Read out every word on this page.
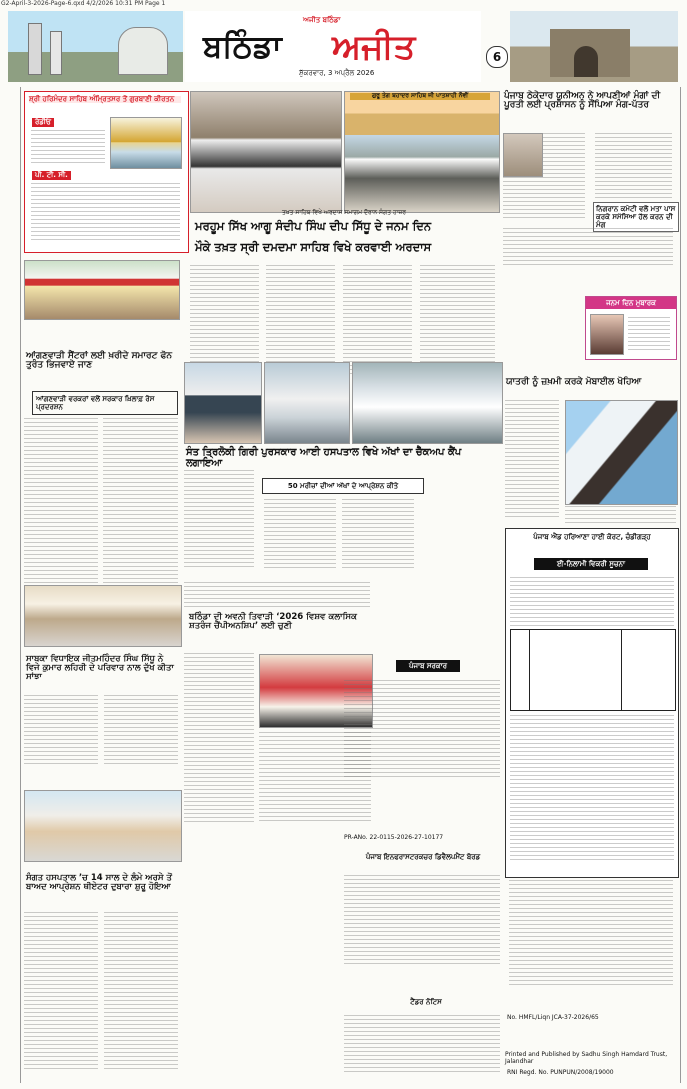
G2-April-3-2026-Page-6.qxd 4/2/2026 10:31 PM Page 1
ਅਜੀਤ ਬਠਿੰਡਾ
ਬਠਿੰਡਾ ਅਜੀਤ
ਸ਼ੁੱਕਰਵਾਰ, 3 ਅਪ੍ਰੈਲ 2026
6
ਸ਼੍ਰੀ ਹਰਿਮੰਦਰ ਸਾਹਿਬ ਅੰਮ੍ਰਿਤਸਰ ਤੋਂ ਗੁਰਬਾਣੀ ਕੀਰਤਨ
ਰੇਡੀਓ
ਪੀ. ਟੀ. ਸੀ.
ਗੁਰੂ ਤੇਗ ਬਹਾਦਰ ਸਾਹਿਬ ਜੀ ਪਾਤਸ਼ਾਹੀ ਨੌਵੀਂ
ਤਖ਼ਤ ਸਾਹਿਬ ਵਿਖੇ ਅਰਦਾਸ ਸਮਾਗਮ ਦੌਰਾਨ ਸੰਗਤ ਹਾਜ਼ਰ
ਮਰਹੂਮ ਸਿੱਖ ਆਗੂ ਸੰਦੀਪ ਸਿੰਘ ਦੀਪ ਸਿੱਧੂ ਦੇ ਜਨਮ ਦਿਨ
ਮੌਕੇ ਤਖ਼ਤ ਸ੍ਰੀ ਦਮਦਮਾ ਸਾਹਿਬ ਵਿਖੇ ਕਰਵਾਈ ਅਰਦਾਸ
ਪੰਜਾਬ ਠੇਕੇਦਾਰ ਯੂਨੀਅਨ ਨੇ ਆਪਣੀਆਂ ਮੰਗਾਂ ਦੀ ਪੂਰਤੀ ਲਈ ਪ੍ਰਸ਼ਾਸਨ ਨੂੰ ਸੌਂਪਿਆ ਮੰਗ-ਪੱਤਰ
ਨਿਗਰਾਨ ਕਮੇਟੀ ਵਲੋਂ ਮਤਾ ਪਾਸ ਕਰਕੇ ਸਮੱਸਿਆ ਹੱਲ ਕਰਨ ਦੀ ਮੰਗ
ਜਨਮ ਦਿਨ ਮੁਬਾਰਕ
ਆਂਗਣਵਾੜੀ ਸੈਂਟਰਾਂ ਲਈ ਖ਼ਰੀਦੇ ਸਮਾਰਟ ਫੋਨ ਤੁਰੰਤ ਭਿਜਵਾਏ ਜਾਣ
ਆਂਗਣਵਾੜੀ ਵਰਕਰਾਂ ਵਲੋਂ ਸਰਕਾਰ ਖ਼ਿਲਾਫ਼ ਰੋਸ ਪ੍ਰਦਰਸ਼ਨ
ਸੰਤ ਤ੍ਰਿਲੋਕੀ ਗਿਰੀ ਪੁਰਸਕਾਰ ਆਈ ਹਸਪਤਾਲ ਵਿਖੇ ਅੱਖਾਂ ਦਾ ਚੈੱਕਅਪ ਕੈਂਪ ਲਗਾਇਆ
50 ਮਰੀਜ਼ਾਂ ਦੀਆਂ ਅੱਖਾਂ ਦੇ ਆਪ੍ਰੇਸ਼ਨ ਕੀਤੇ
ਯਾਤਰੀ ਨੂੰ ਜ਼ਖ਼ਮੀ ਕਰਕੇ ਮੋਬਾਈਲ ਖੋਹਿਆ
ਬਠਿੰਡਾ ਦੀ ਅਵਨੀ ਤਿਵਾੜੀ ‘2026 ਵਿਸ਼ਵ ਕਲਾਸਿਕ ਸ਼ਤਰੰਜ ਚੈਂਪੀਅਨਸ਼ਿਪ’ ਲਈ ਚੁਣੀ
ਸਾਬਕਾ ਵਿਧਾਇਕ ਜੀਤਮਹਿੰਦਰ ਸਿੰਘ ਸਿੱਧੂ ਨੇ ਵਿਜੇ ਕੁਮਾਰ ਲਹਿਰੀ ਦੇ ਪਰਿਵਾਰ ਨਾਲ ਦੁੱਖ ਕੀਤਾ ਸਾਂਝਾ
ਪੰਜਾਬ ਐਂਡ ਹਰਿਆਣਾ ਹਾਈ ਕੋਰਟ, ਚੰਡੀਗੜ੍ਹ
ਈ-ਨਿਲਾਮੀ ਵਿਕਰੀ ਸੂਚਨਾ
ਪੰਜਾਬ ਸਰਕਾਰ
PR-ANo. 22-0115-2026-27-10177
ਪੰਜਾਬ ਇਨਫਰਾਸਟਰਕਚਰ ਡਿਵੈਲਪਮੈਂਟ ਬੋਰਡ
ਟੈਂਡਰ ਨੋਟਿਸ
ਸੰਗਤ ਹਸਪਤਾਲ ’ਚ 14 ਸਾਲ ਦੇ ਲੰਮੇ ਅਰਸੇ ਤੋਂ ਬਾਅਦ ਆਪ੍ਰੇਸ਼ਨ ਥੀਏਟਰ ਦੁਬਾਰਾ ਸ਼ੁਰੂ ਹੋਇਆ
No. HMFL/Liqn JCA-37-2026/65
RNI Regd. No. PUNPUN/2008/19000
Printed and Published by Sadhu Singh Hamdard Trust, Jalandhar
